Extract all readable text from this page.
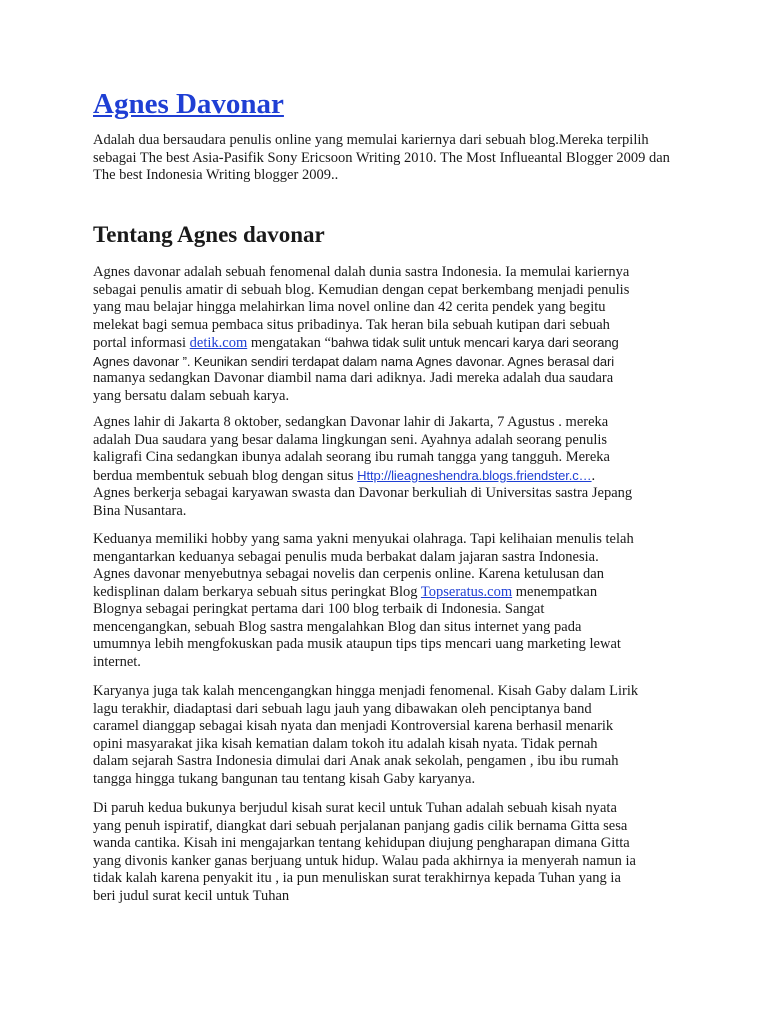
Agnes Davonar

Adalah dua bersaudara penulis online yang memulai kariernya dari sebuah blog.Mereka terpilih sebagai The best Asia-Pasifik Sony Ericsoon Writing 2010. The Most Influeantal Blogger 2009 dan The best Indonesia Writing blogger 2009..

Tentang Agnes davonar
Agnes davonar adalah sebuah fenomenal dalah dunia sastra Indonesia. Ia memulai kariernya
sebagai penulis amatir di sebuah blog. Kemudian dengan cepat berkembang menjadi penulis
yang mau belajar hingga melahirkan lima novel online dan 42 cerita pendek yang begitu
melekat bagi semua pembaca situs pribadinya. Tak heran bila sebuah kutipan dari sebuah
portal informasi detik.com mengatakan “bahwa tidak sulit untuk mencari karya dari seorang
Agnes davonar ”. Keunikan sendiri terdapat dalam nama Agnes davonar. Agnes berasal dari
namanya sedangkan Davonar diambil nama dari adiknya. Jadi mereka adalah dua saudara
yang bersatu dalam sebuah karya.
Agnes lahir di Jakarta 8 oktober, sedangkan Davonar lahir di Jakarta, 7 Agustus . mereka
adalah Dua saudara yang besar dalama lingkungan seni. Ayahnya adalah seorang penulis
kaligrafi Cina sedangkan ibunya adalah seorang ibu rumah tangga yang tangguh. Mereka
berdua membentuk sebuah blog dengan situs Http://lieagneshendra.blogs.friendster.c….
Agnes berkerja sebagai karyawan swasta dan Davonar berkuliah di Universitas sastra Jepang
Bina Nusantara.
Keduanya memiliki hobby yang sama yakni menyukai olahraga. Tapi kelihaian menulis telah
mengantarkan keduanya sebagai penulis muda berbakat dalam jajaran sastra Indonesia.
Agnes davonar menyebutnya sebagai novelis dan cerpenis online. Karena ketulusan dan
kedisplinan dalam berkarya sebuah situs peringkat Blog Topseratus.com menempatkan
Blognya sebagai peringkat pertama dari 100 blog terbaik di Indonesia. Sangat
mencengangkan, sebuah Blog sastra mengalahkan Blog dan situs internet yang pada
umumnya lebih mengfokuskan pada musik ataupun tips tips mencari uang marketing lewat
internet.
Karyanya juga tak kalah mencengangkan hingga menjadi fenomenal. Kisah Gaby dalam Lirik
lagu terakhir, diadaptasi dari sebuah lagu jauh yang dibawakan oleh penciptanya band
caramel dianggap sebagai kisah nyata dan menjadi Kontroversial karena berhasil menarik
opini masyarakat jika kisah kematian dalam tokoh itu adalah kisah nyata. Tidak pernah
dalam sejarah Sastra Indonesia dimulai dari Anak anak sekolah, pengamen , ibu ibu rumah
tangga hingga tukang bangunan tau tentang kisah Gaby karyanya.
Di paruh kedua bukunya berjudul kisah surat kecil untuk Tuhan adalah sebuah kisah nyata
yang penuh ispiratif, diangkat dari sebuah perjalanan panjang gadis cilik bernama Gitta sesa
wanda cantika. Kisah ini mengajarkan tentang kehidupan diujung pengharapan dimana Gitta
yang divonis kanker ganas berjuang untuk hidup. Walau pada akhirnya ia menyerah namun ia
tidak kalah karena penyakit itu , ia pun menuliskan surat terakhirnya kepada Tuhan yang ia
beri judul surat kecil untuk Tuhan
